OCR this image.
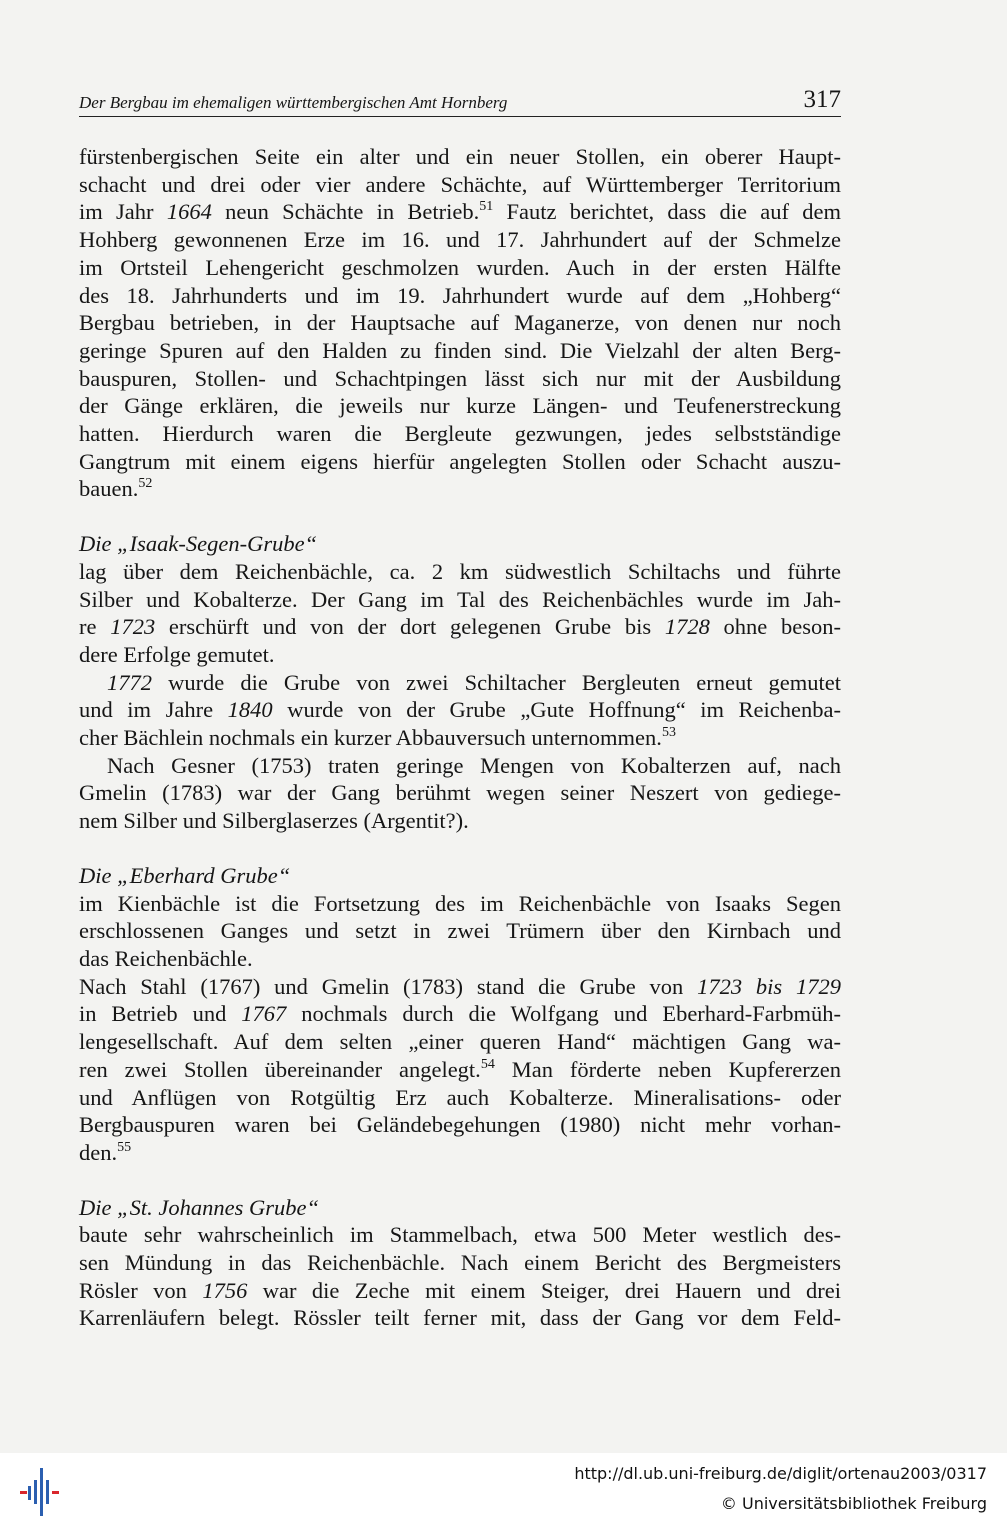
Der Bergbau im ehemaligen württembergischen Amt Hornberg	317

fürstenbergischen Seite ein alter und ein neuer Stollen, ein oberer Haupt-
schacht und drei oder vier andere Schächte, auf Württemberger Territorium
im Jahr 1664 neun Schächte in Betrieb.$^{51}$ Fautz berichtet, dass die auf dem
Hohberg gewonnenen Erze im 16. und 17. Jahrhundert auf der Schmelze
im Ortsteil Lehengericht geschmolzen wurden. Auch in der ersten Hälfte
des 18. Jahrhunderts und im 19. Jahrhundert wurde auf dem „Hohberg“
Bergbau betrieben, in der Hauptsache auf Maganerze, von denen nur noch
geringe Spuren auf den Halden zu finden sind. Die Vielzahl der alten Berg-
bauspuren, Stollen- und Schachtpingen lässt sich nur mit der Ausbildung
der Gänge erklären, die jeweils nur kurze Längen- und Teufenerstreckung
hatten. Hierdurch waren die Bergleute gezwungen, jedes selbstständige
Gangtrum mit einem eigens hierfür angelegten Stollen oder Schacht auszu-
bauen.$^{52}$

Die „Isaak-Segen-Grube“

lag über dem Reichenbächle, ca. 2 km südwestlich Schiltachs und führte
Silber und Kobalterze. Der Gang im Tal des Reichenbächles wurde im Jah-
re 1723 erschürft und von der dort gelegenen Grube bis 1728 ohne beson-
dere Erfolge gemutet.

1772 wurde die Grube von zwei Schiltacher Bergleuten erneut gemutet
und im Jahre 1840 wurde von der Grube „Gute Hoffnung“ im Reichenba-
cher Bächlein nochmals ein kurzer Abbauversuch unternommen.$^{53}$

Nach Gesner (1753) traten geringe Mengen von Kobalterzen auf, nach
Gmelin (1783) war der Gang berühmt wegen seiner Neszert von gediege-
nem Silber und Silberglaserzes (Argentit?).

Die „Eberhard Grube“

im Kienbächle ist die Fortsetzung des im Reichenbächle von Isaaks Segen
erschlossenen Ganges und setzt in zwei Trümern über den Kirnbach und
das Reichenbächle.

Nach Stahl (1767) und Gmelin (1783) stand die Grube von 1723 bis 1729
in Betrieb und 1767 nochmals durch die Wolfgang und Eberhard-Farbmüh-
lengesellschaft. Auf dem selten „einer queren Hand“ mächtigen Gang wa-
ren zwei Stollen übereinander angelegt.$^{54}$ Man förderte neben Kupfererzen
und Anflügen von Rotgültig Erz auch Kobalterze. Mineralisations- oder
Bergbauspuren waren bei Geländebegehungen (1980) nicht mehr vorhan-
den.$^{55}$

Die „St. Johannes Grube“

baute sehr wahrscheinlich im Stammelbach, etwa 500 Meter westlich des-
sen Mündung in das Reichenbächle. Nach einem Bericht des Bergmeisters
Rösler von 1756 war die Zeche mit einem Steiger, drei Hauern und drei
Karrenläufern belegt. Rössler teilt ferner mit, dass der Gang vor dem Feld-

http://dl.ub.uni-freiburg.de/diglit/ortenau2003/0317
© Universitätsbibliothek Freiburg
